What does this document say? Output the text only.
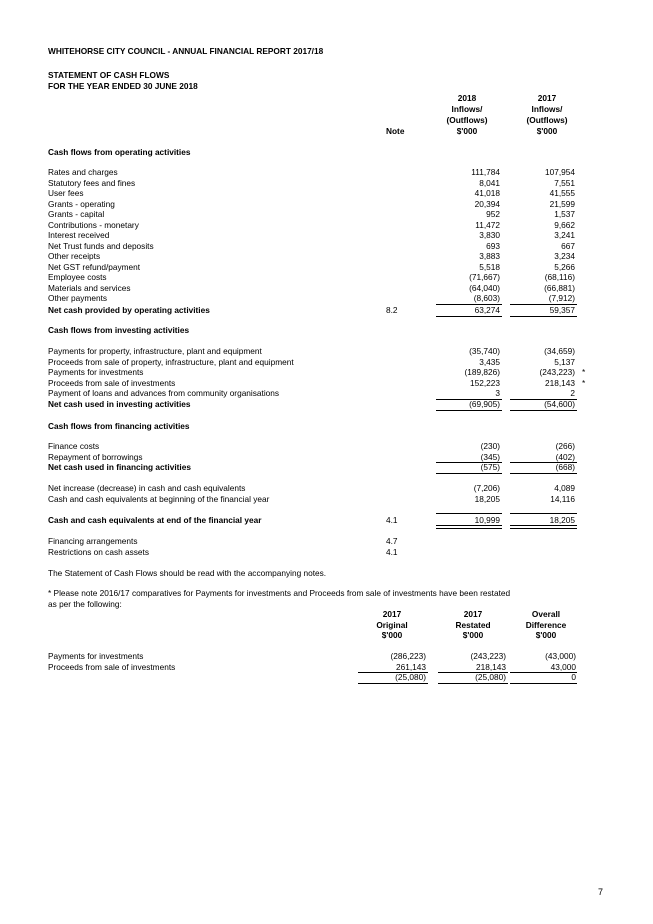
WHITEHORSE CITY COUNCIL - ANNUAL FINANCIAL REPORT 2017/18
STATEMENT OF CASH FLOWS
FOR THE YEAR ENDED 30 JUNE 2018
2018
Inflows/
(Outflows)
$'000
2017
Inflows/
(Outflows)
$'000
Note
Cash flows from operating activities
Rates and charges	111,784	107,954
Statutory fees and fines	8,041	7,551
User fees	41,018	41,555
Grants - operating	20,394	21,599
Grants - capital	952	1,537
Contributions - monetary	11,472	9,662
Interest received	3,830	3,241
Net Trust funds and deposits	693	667
Other receipts	3,883	3,234
Net GST refund/payment	5,518	5,266
Employee costs	(71,667)	(68,116)
Materials and services	(64,040)	(66,881)
Other payments	(8,603)	(7,912)
Net cash provided by operating activities	8.2	63,274	59,357
Cash flows from investing activities
Payments for property, infrastructure, plant and equipment	(35,740)	(34,659)
Proceeds from sale of property, infrastructure, plant and equipment	3,435	5,137
Payments for investments	(189,826)	(243,223) *
Proceeds from sale of investments	152,223	218,143 *
Payment of loans and advances from community organisations	3	2
Net cash used in investing activities	(69,905)	(54,600)
Cash flows from financing activities
Finance costs	(230)	(266)
Repayment of borrowings	(345)	(402)
Net cash used in financing activities	(575)	(668)
Net increase (decrease) in cash and cash equivalents	(7,206)	4,089
Cash and cash equivalents at beginning of the financial year	18,205	14,116
Cash and cash equivalents at end of the financial year	4.1	10,999	18,205
Financing arrangements	4.7
Restrictions on cash assets	4.1
The Statement of Cash Flows should be read with the accompanying notes.
* Please note 2016/17 comparatives for Payments for investments and Proceeds from sale of investments have been restated
as per the following:
2017
Original
$'000
2017
Restated
$'000
Overall
Difference
$'000
Payments for investments	(286,223)	(243,223)	(43,000)
Proceeds from sale of investments	261,143	218,143	43,000
(25,080)	(25,080)	0
7
